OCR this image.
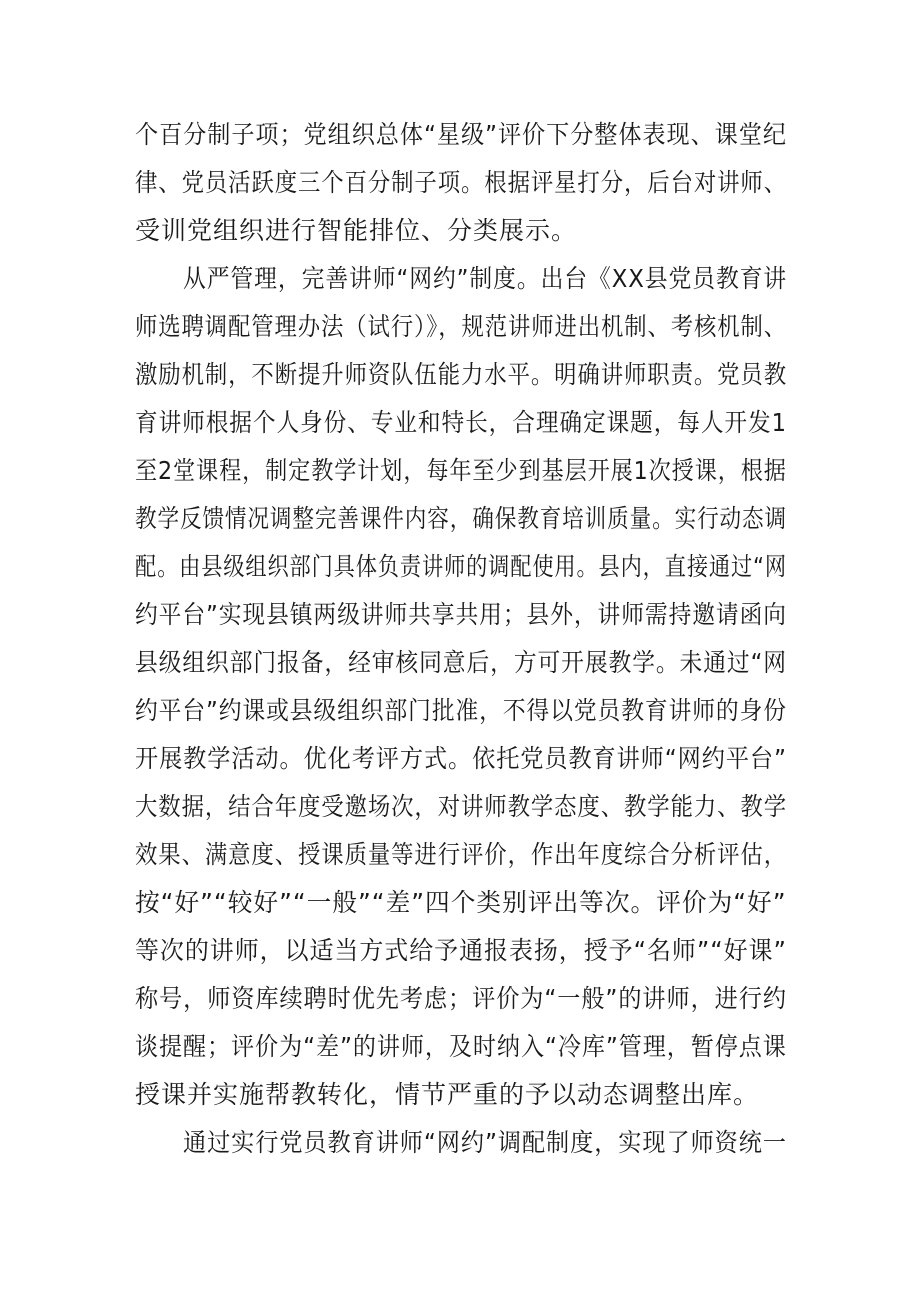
个百分制子项；党组织总体“星级”评价下分整体表现、课堂纪
律、党员活跃度三个百分制子项。根据评星打分，后台对讲师、
受训党组织进行智能排位、分类展示。
从严管理，完善讲师“网约”制度。出台《XX县党员教育讲
师选聘调配管理办法（试行）》，规范讲师进出机制、考核机制、
激励机制，不断提升师资队伍能力水平。明确讲师职责。党员教
育讲师根据个人身份、专业和特长，合理确定课题，每人开发1
至2堂课程，制定教学计划，每年至少到基层开展1次授课，根据
教学反馈情况调整完善课件内容，确保教育培训质量。实行动态调
配。由县级组织部门具体负责讲师的调配使用。县内，直接通过“网
约平台”实现县镇两级讲师共享共用；县外，讲师需持邀请函向
县级组织部门报备，经审核同意后，方可开展教学。未通过“网
约平台”约课或县级组织部门批准，不得以党员教育讲师的身份
开展教学活动。优化考评方式。依托党员教育讲师“网约平台”
大数据，结合年度受邀场次，对讲师教学态度、教学能力、教学
效果、满意度、授课质量等进行评价，作出年度综合分析评估，
按“好”“较好”“一般”“差”四个类别评出等次。评价为“好”
等次的讲师，以适当方式给予通报表扬，授予“名师”“好课”
称号，师资库续聘时优先考虑；评价为“一般”的讲师，进行约
谈提醒；评价为“差”的讲师，及时纳入“冷库”管理，暂停点课
授课并实施帮教转化，情节严重的予以动态调整出库。
通过实行党员教育讲师“网约”调配制度，实现了师资统一
